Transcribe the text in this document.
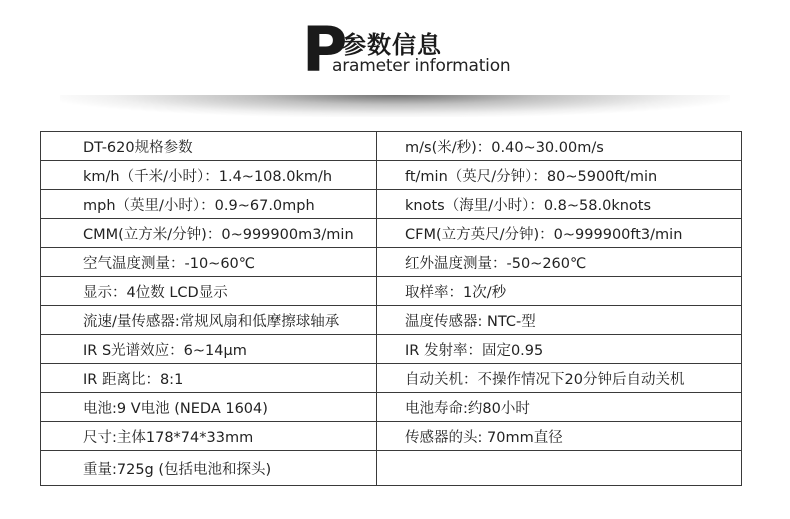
P
参数信息
arameter information
DT-620规格参数	m/s(米/秒)：0.40~30.00m/s
km/h（千米/小时）：1.4~108.0km/h	ft/min（英尺/分钟）：80~5900ft/min
mph（英里/小时）：0.9~67.0mph	knots（海里/小时）：0.8~58.0knots
CMM(立方米/分钟)：0~999900m3/min	CFM(立方英尺/分钟)：0~999900ft3/min
空气温度测量：-10~60℃	红外温度测量：-50~260℃
显示：4位数 LCD显示	取样率：1次/秒
流速/量传感器:常规风扇和低摩擦球轴承	温度传感器: NTC-型
IR S光谱效应：6~14μm	IR 发射率：固定0.95
IR 距离比：8:1	自动关机：不操作情况下20分钟后自动关机
电池:9 V电池 (NEDA 1604)	电池寿命:约80小时
尺寸:主体178*74*33mm	传感器的头: 70mm直径
重量:725g (包括电池和探头)	
